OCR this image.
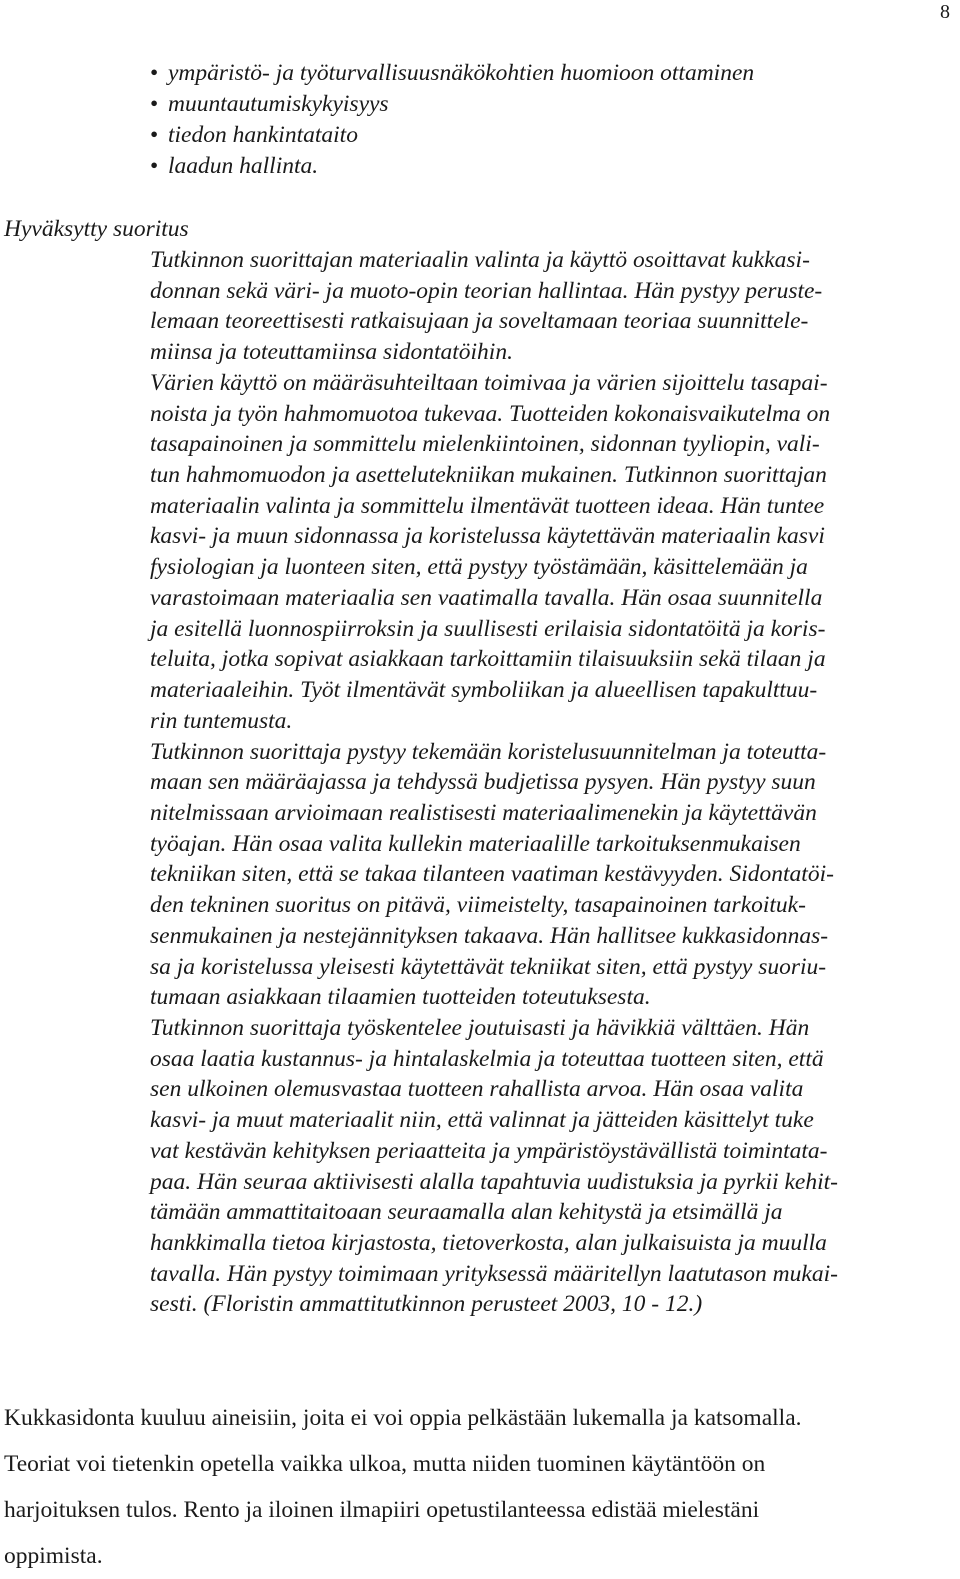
8
• ympäristö- ja työturvallisuusnäkökohtien huomioon ottaminen
• muuntautumiskykyisyys
• tiedon hankintataito
• laadun hallinta.
Hyväksytty suoritus
Tutkinnon suorittajan materiaalin valinta ja käyttö osoittavat kukkasi-
donnan sekä väri- ja muoto-opin teorian hallintaa. Hän pystyy peruste-
lemaan teoreettisesti ratkaisujaan ja soveltamaan teoriaa suunnittele-
miinsa ja toteuttamiinsa sidontatöihin.
Värien käyttö on määräsuhteiltaan toimivaa ja värien sijoittelu tasapai-
noista ja työn hahmomuotoa tukevaa. Tuotteiden kokonaisvaikutelma on
tasapainoinen ja sommittelu mielenkiintoinen, sidonnan tyyliopin, vali-
tun hahmomuodon ja asettelutekniikan mukainen. Tutkinnon suorittajan
materiaalin valinta ja sommittelu ilmentävät tuotteen ideaa. Hän tuntee
kasvi- ja muun sidonnassa ja koristelussa käytettävän materiaalin kasvi
fysiologian ja luonteen siten, että pystyy työstämään, käsittelemään ja
varastoimaan materiaalia sen vaatimalla tavalla. Hän osaa suunnitella
ja esitellä luonnospiirroksin ja suullisesti erilaisia sidontatöitä ja koris-
teluita, jotka sopivat asiakkaan tarkoittamiin tilaisuuksiin sekä tilaan ja
materiaaleihin. Työt ilmentävät symboliikan ja alueellisen tapakulttuu-
rin tuntemusta.
Tutkinnon suorittaja pystyy tekemään koristelusuunnitelman ja toteutta-
maan sen määräajassa ja tehdyssä budjetissa pysyen. Hän pystyy suun
nitelmissaan arvioimaan realistisesti materiaalimenekin ja käytettävän
työajan. Hän osaa valita kullekin materiaalille tarkoituksenmukaisen
tekniikan siten, että se takaa tilanteen vaatiman kestävyyden. Sidontatöi-
den tekninen suoritus on pitävä, viimeistelty, tasapainoinen tarkoituk-
senmukainen ja nestejännityksen takaava. Hän hallitsee kukkasidonnas-
sa ja koristelussa yleisesti käytettävät tekniikat siten, että pystyy suoriu-
tumaan asiakkaan tilaamien tuotteiden toteutuksesta.
Tutkinnon suorittaja työskentelee joutuisasti ja hävikkiä välttäen. Hän
osaa laatia kustannus- ja hintalaskelmia ja toteuttaa tuotteen siten, että
sen ulkoinen olemusvastaa tuotteen rahallista arvoa. Hän osaa valita
kasvi- ja muut materiaalit niin, että valinnat ja jätteiden käsittelyt tuke
vat kestävän kehityksen periaatteita ja ympäristöystävällistä toimintata-
paa. Hän seuraa aktiivisesti alalla tapahtuvia uudistuksia ja pyrkii kehit-
tämään ammattitaitoaan seuraamalla alan kehitystä ja etsimällä ja
hankkimalla tietoa kirjastosta, tietoverkosta, alan julkaisuista ja muulla
tavalla. Hän pystyy toimimaan yrityksessä määritellyn laatutason mukai-
sesti. (Floristin ammattitutkinnon perusteet 2003, 10 - 12.)
Kukkasidonta kuuluu aineisiin, joita ei voi oppia pelkästään lukemalla ja katsomalla.
Teoriat voi tietenkin opetella vaikka ulkoa, mutta niiden tuominen käytäntöön on
harjoituksen tulos. Rento ja iloinen ilmapiiri opetustilanteessa edistää mielestäni
oppimista.
